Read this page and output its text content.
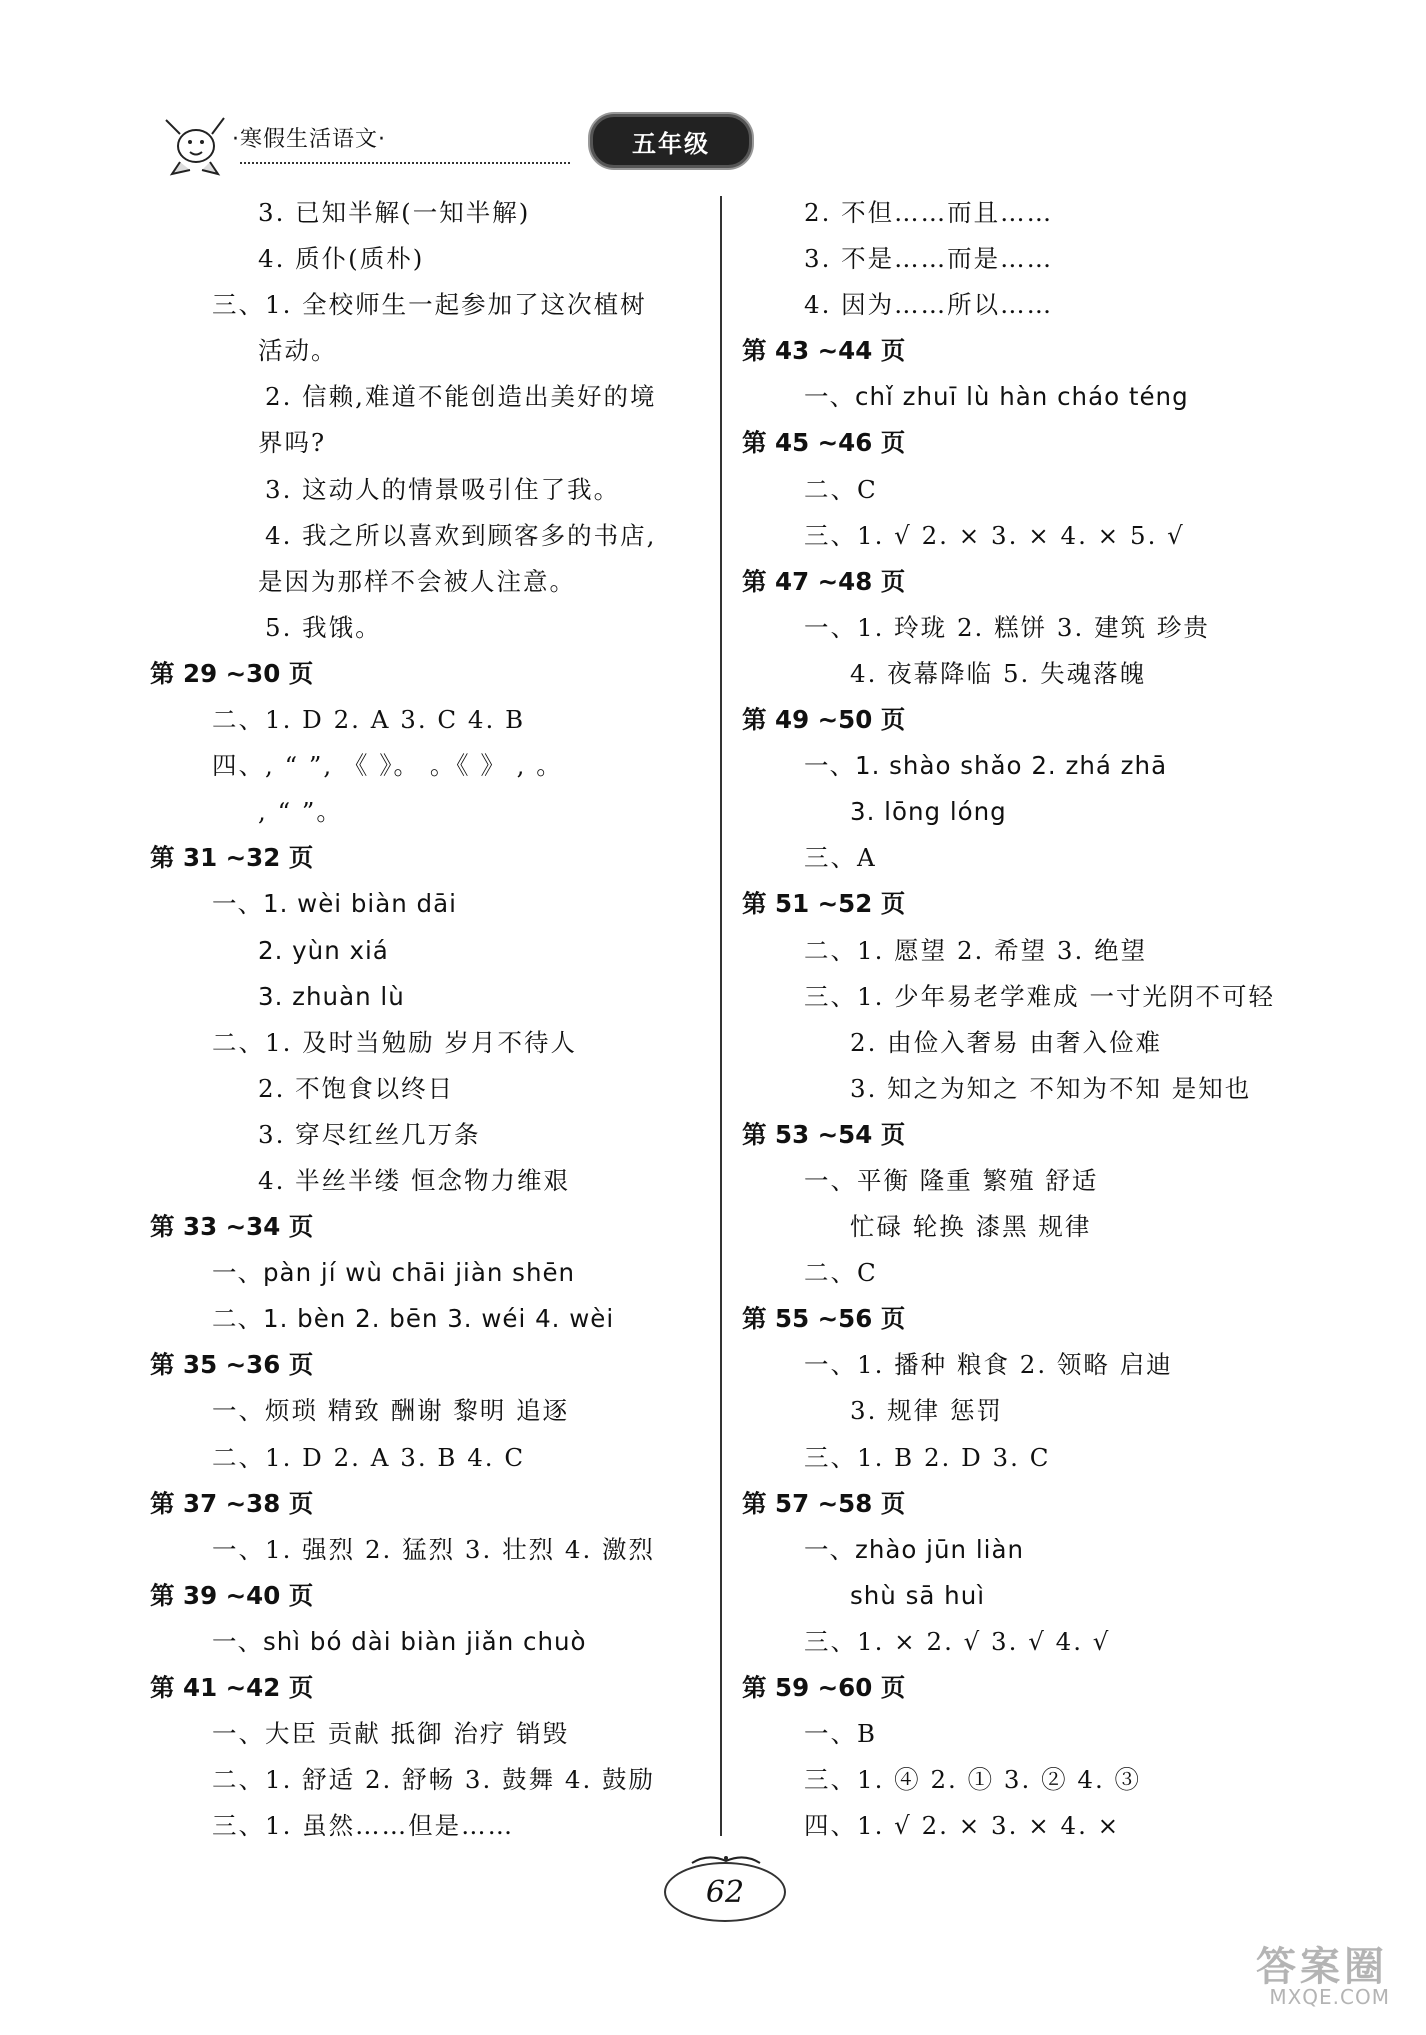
·寒假生活语文·	五年级
3. 已知半解(一知半解)
4. 质仆(质朴)
三、1. 全校师生一起参加了这次植树
活动。
2. 信赖,难道不能创造出美好的境
界吗?
3. 这动人的情景吸引住了我。
4. 我之所以喜欢到顾客多的书店,
是因为那样不会被人注意。
5. 我饿。
第 29 ~30 页
二、1. D 2. A 3. C 4. B
四、, “ ”, 《 》。 。《 》 , 。
, “ ”。
第 31 ~32 页
一、1. wèi biàn dāi
2. yùn xiá
3. zhuàn lù
二、1. 及时当勉励 岁月不待人
2. 不饱食以终日
3. 穿尽红丝几万条
4. 半丝半缕 恒念物力维艰
第 33 ~34 页
一、pàn jí wù chāi jiàn shēn
二、1. bèn 2. bēn 3. wéi 4. wèi
第 35 ~36 页
一、烦琐 精致 酬谢 黎明 追逐
二、1. D 2. A 3. B 4. C
第 37 ~38 页
一、1. 强烈 2. 猛烈 3. 壮烈 4. 激烈
第 39 ~40 页
一、shì bó dài biàn jiǎn chuò
第 41 ~42 页
一、大臣 贡献 抵御 治疗 销毁
二、1. 舒适 2. 舒畅 3. 鼓舞 4. 鼓励
三、1. 虽然……但是……
2. 不但……而且……
3. 不是……而是……
4. 因为……所以……
第 43 ~44 页
一、chǐ zhuī lù hàn cháo téng
第 45 ~46 页
二、C
三、1. √ 2. × 3. × 4. × 5. √
第 47 ~48 页
一、1. 玲珑 2. 糕饼 3. 建筑 珍贵
4. 夜幕降临 5. 失魂落魄
第 49 ~50 页
一、1. shào shǎo 2. zhá zhā
3. lōng lóng
三、A
第 51 ~52 页
二、1. 愿望 2. 希望 3. 绝望
三、1. 少年易老学难成 一寸光阴不可轻
2. 由俭入奢易 由奢入俭难
3. 知之为知之 不知为不知 是知也
第 53 ~54 页
一、平衡 隆重 繁殖 舒适
忙碌 轮换 漆黑 规律
二、C
第 55 ~56 页
一、1. 播种 粮食 2. 领略 启迪
3. 规律 惩罚
三、1. B 2. D 3. C
第 57 ~58 页
一、zhào jūn liàn
shù sā huì
三、1. × 2. √ 3. √ 4. √
第 59 ~60 页
一、B
三、1. ④ 2. ① 3. ② 4. ③
四、1. √ 2. × 3. × 4. ×
62
答案圈
MXQE.COM
